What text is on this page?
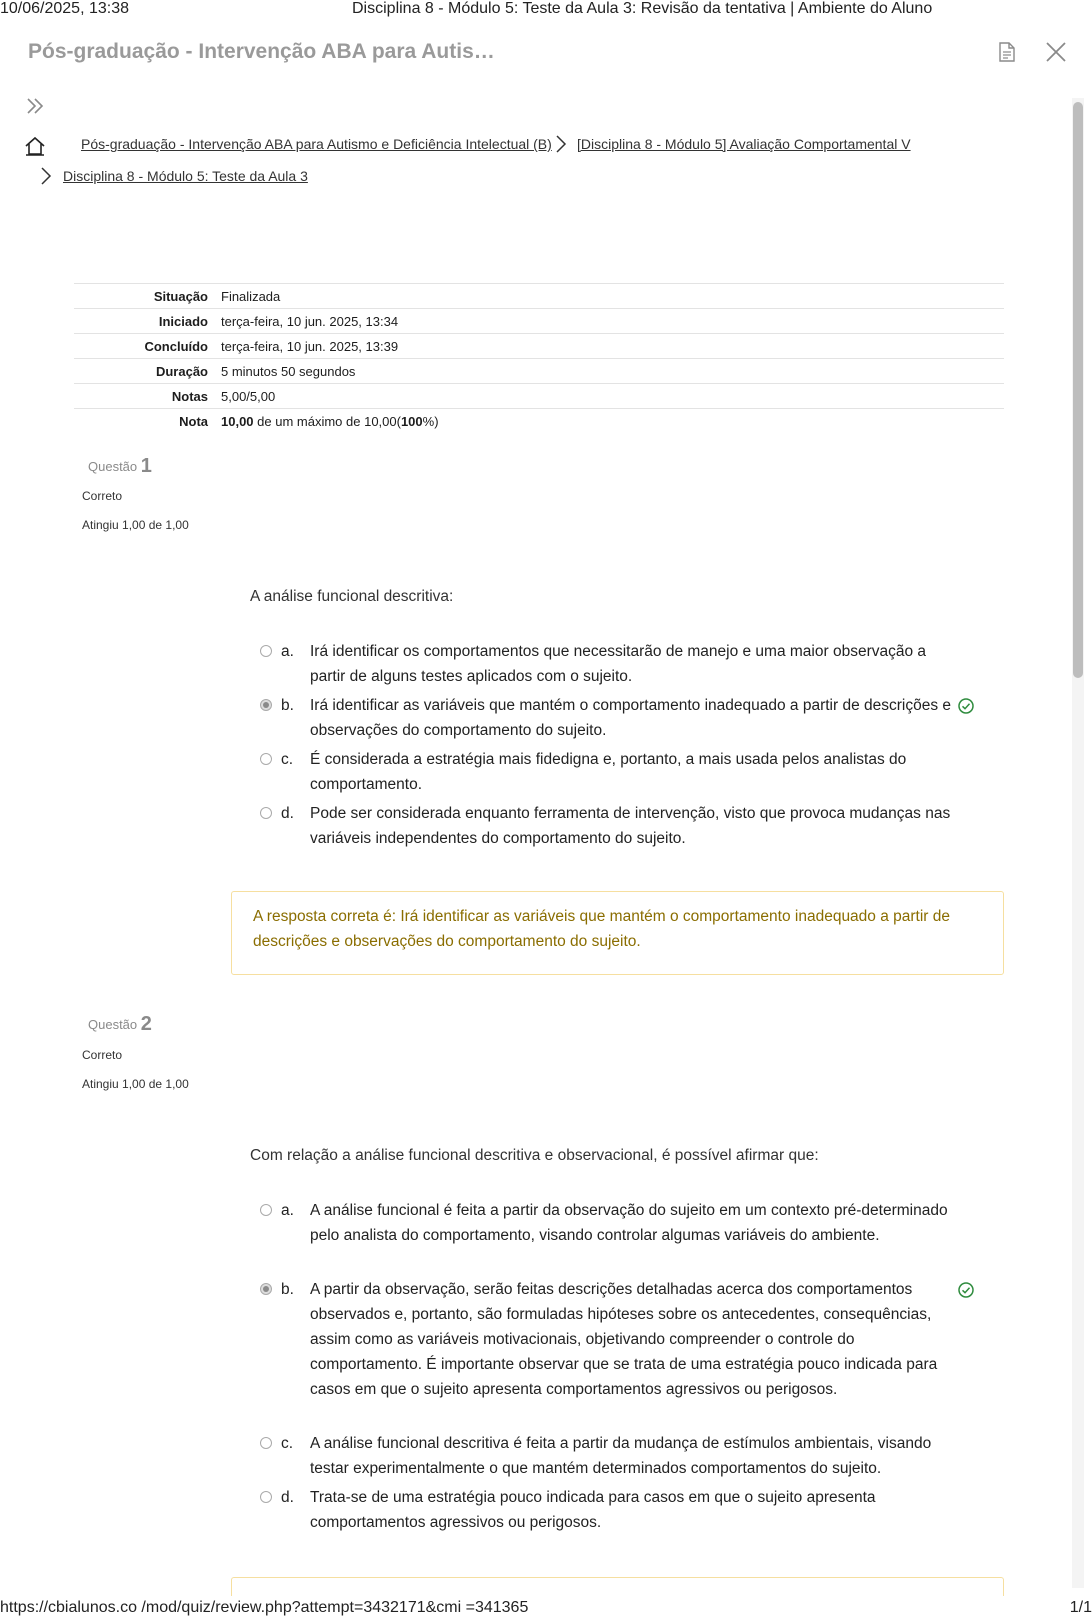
10/06/2025, 13:38	Disciplina 8 - Módulo 5: Teste da Aula 3: Revisão da tentativa | Ambiente do Aluno
Pós-graduação - Intervenção ABA para Autis…
Pós-graduação - Intervenção ABA para Autismo e Deficiência Intelectual (B) [Disciplina 8 - Módulo 5] Avaliação Comportamental V
Disciplina 8 - Módulo 5: Teste da Aula 3
Situação	Finalizada
Iniciado	terça-feira, 10 jun. 2025, 13:34
Concluído	terça-feira, 10 jun. 2025, 13:39
Duração	5 minutos 50 segundos
Notas	5,00/5,00
Nota	10,00 de um máximo de 10,00(100%)
Questão 1
Correto
Atingiu 1,00 de 1,00
A análise funcional descritiva:
a. Irá identificar os comportamentos que necessitarão de manejo e uma maior observação a partir de alguns testes aplicados com o sujeito.
b. Irá identificar as variáveis que mantém o comportamento inadequado a partir de descrições e observações do comportamento do sujeito.
c. É considerada a estratégia mais fidedigna e, portanto, a mais usada pelos analistas do comportamento.
d. Pode ser considerada enquanto ferramenta de intervenção, visto que provoca mudanças nas variáveis independentes do comportamento do sujeito.
A resposta correta é: Irá identificar as variáveis que mantém o comportamento inadequado a partir de descrições e observações do comportamento do sujeito.
Questão 2
Correto
Atingiu 1,00 de 1,00
Com relação a análise funcional descritiva e observacional, é possível afirmar que:
a. A análise funcional é feita a partir da observação do sujeito em um contexto pré-determinado pelo analista do comportamento, visando controlar algumas variáveis do ambiente.
b. A partir da observação, serão feitas descrições detalhadas acerca dos comportamentos observados e, portanto, são formuladas hipóteses sobre os antecedentes, consequências, assim como as variáveis motivacionais, objetivando compreender o controle do comportamento. É importante observar que se trata de uma estratégia pouco indicada para casos em que o sujeito apresenta comportamentos agressivos ou perigosos.
c. A análise funcional descritiva é feita a partir da mudança de estímulos ambientais, visando testar experimentalmente o que mantém determinados comportamentos do sujeito.
d. Trata-se de uma estratégia pouco indicada para casos em que o sujeito apresenta comportamentos agressivos ou perigosos.
https://cbialunos.co /mod/quiz/review.php?attempt=3432171&cmi =341365	1/1
